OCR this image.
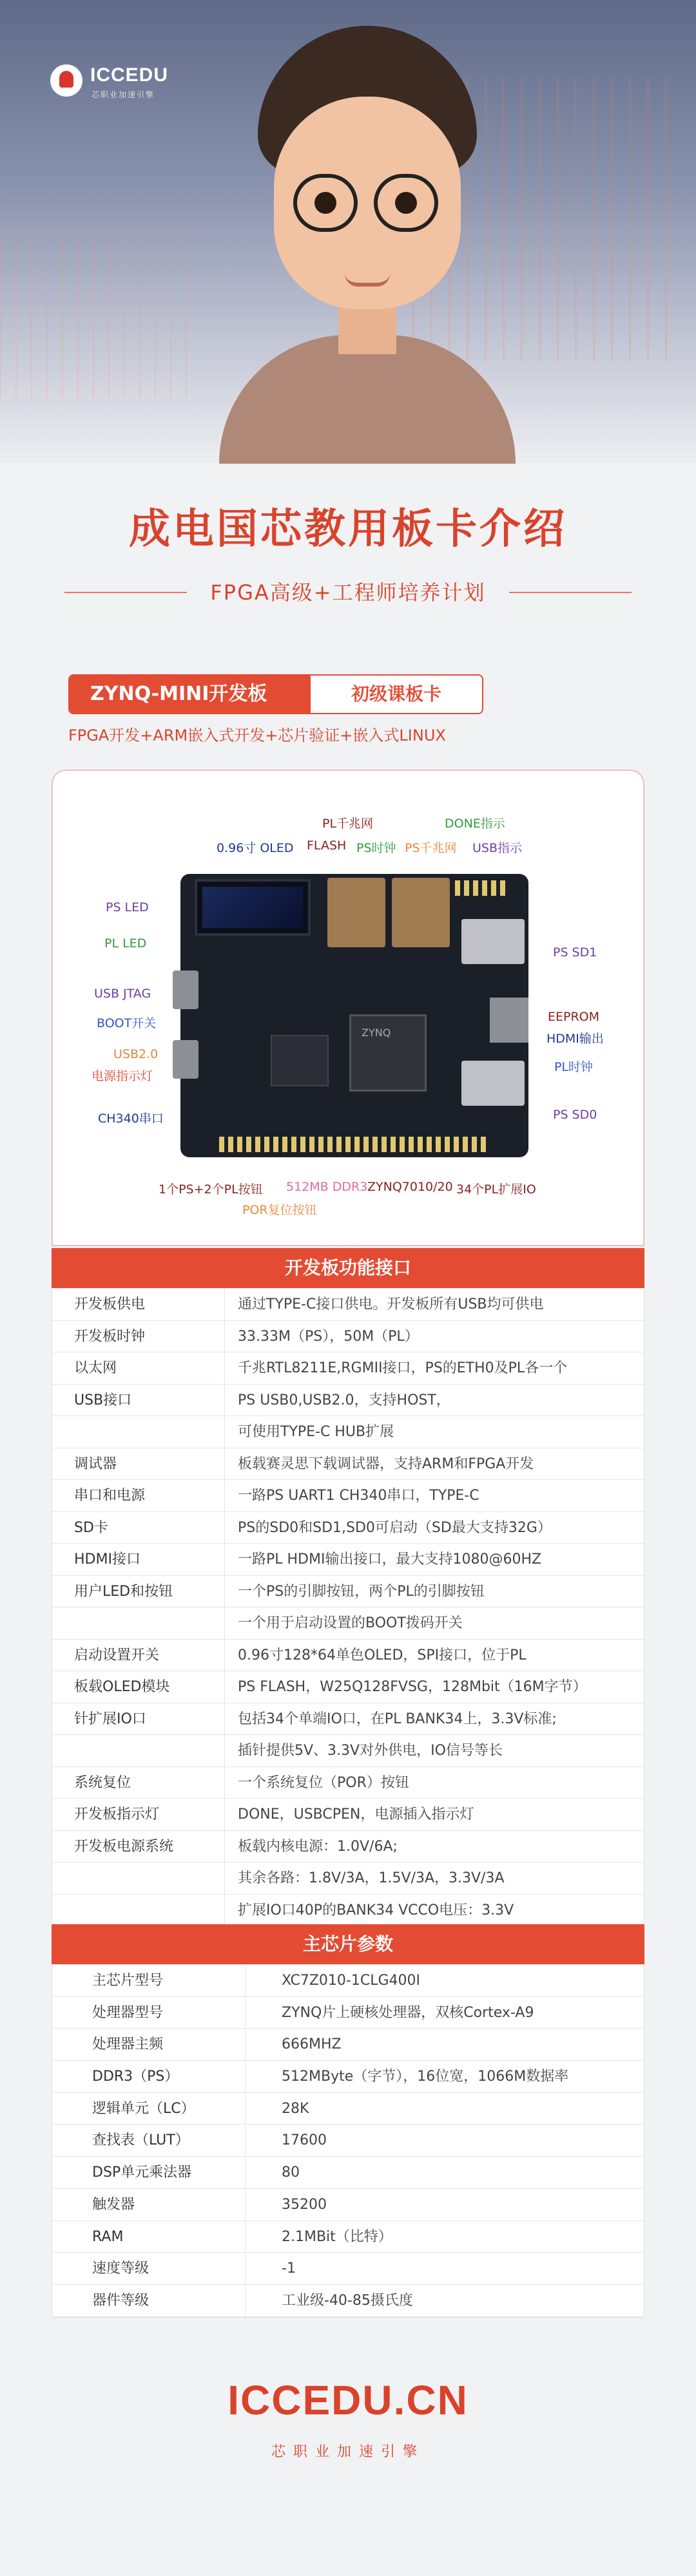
ICCEDU
芯职业加速引擎
成电国芯教用板卡介绍
FPGA高级+工程师培养计划
ZYNQ-MINI开发板	初级课板卡
FPGA开发+ARM嵌入式开发+芯片验证+嵌入式LINUX
ZYNQ
PL千兆网	DONE指示
0.96寸 OLED FLASH PS时钟 PS千兆网 USB指示
PS LED
PL LED
USB JTAG
BOOT开关
USB2.0
电源指示灯
CH340串口
PS SD1
EEPROM
HDMI输出
PL时钟
PS SD0
1个PS+2个PL按钮 512MB DDR3 ZYNQ7010/20 34个PL扩展IO
POR复位按钮
开发板功能接口
开发板供电	通过TYPE-C接口供电。开发板所有USB均可供电
开发板时钟	33.33M（PS），50M（PL）
以太网	千兆RTL8211E,RGMII接口，PS的ETH0及PL各一个
USB接口	PS USB0,USB2.0，支持HOST，
可使用TYPE-C HUB扩展
调试器	板载赛灵思下载调试器，支持ARM和FPGA开发
串口和电源	一路PS UART1 CH340串口，TYPE-C
SD卡	PS的SD0和SD1,SD0可启动（SD最大支持32G）
HDMI接口	一路PL HDMI输出接口，最大支持1080@60HZ
用户LED和按钮	一个PS的引脚按钮，两个PL的引脚按钮
一个用于启动设置的BOOT拨码开关
启动设置开关	0.96寸128*64单色OLED，SPI接口，位于PL
板载OLED模块	PS FLASH，W25Q128FVSG，128Mbit（16M字节）
针扩展IO口	包括34个单端IO口，在PL BANK34上，3.3V标准;
插针提供5V、3.3V对外供电，IO信号等长
系统复位	一个系统复位（POR）按钮
开发板指示灯	DONE，USBCPEN，电源插入指示灯
开发板电源系统	板载内核电源：1.0V/6A;
其余各路：1.8V/3A，1.5V/3A，3.3V/3A
扩展IO口40P的BANK34 VCCO电压：3.3V
主芯片参数
主芯片型号	XC7Z010-1CLG400I
处理器型号	ZYNQ片上硬核处理器，双核Cortex-A9
处理器主频	666MHZ
DDR3（PS）	512MByte（字节），16位宽，1066M数据率
逻辑单元（LC）	28K
查找表（LUT）	17600
DSP单元乘法器	80
触发器	35200
RAM	2.1MBit（比特）
速度等级	-1
器件等级	工业级-40-85摄氏度
ICCEDU.CN
芯职业加速引擎
